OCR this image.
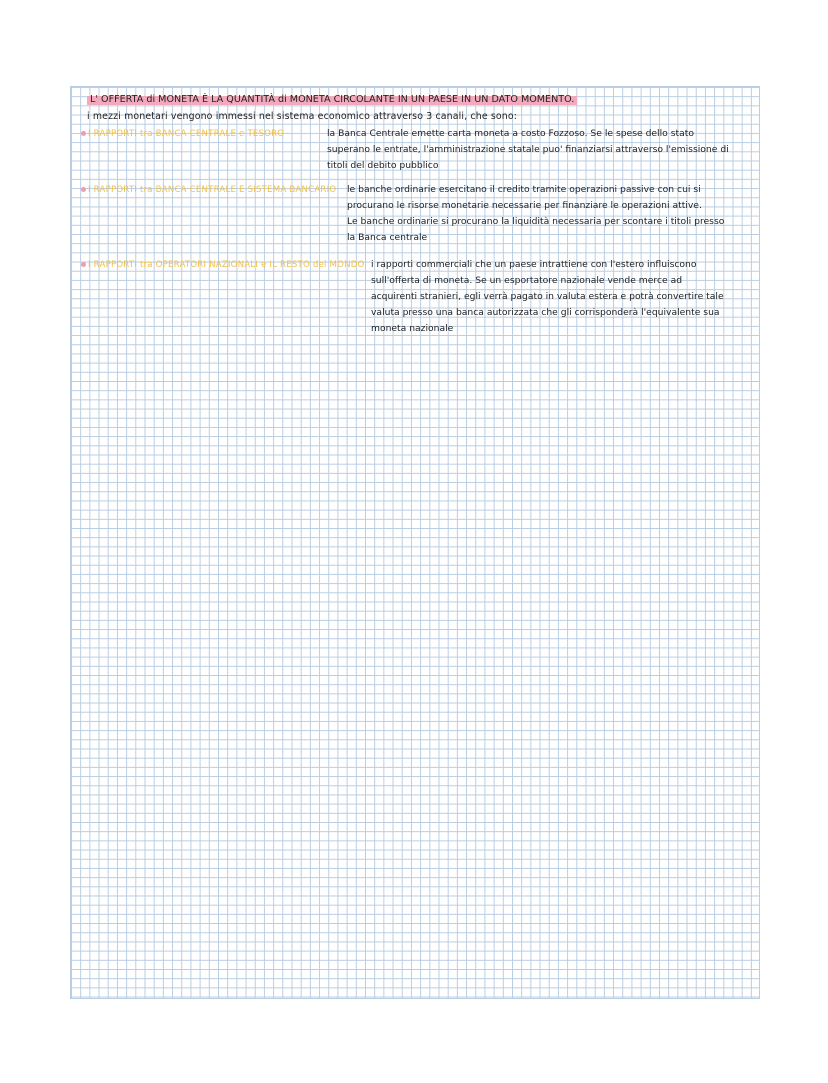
L' OFFERTA di MONETA È LA QUANTITÀ di MONETA CIRCOLANTE IN UN PAESE IN UN DATO MOMENTO.
i mezzi monetari vengono immessi nel sistema economico attraverso 3 canali, che sono:
I RAPPORTI tra BANCA CENTRALE e TESORO	la Banca Centrale emette carta moneta a costo Fozzoso. Se le spese dello stato
superano le entrate, l'amministrazione statale puo' finanziarsi attraverso l'emissione di
titoli del debito pubblico
I RAPPORTI tra BANCA CENTRALE E SISTEMA BANCARIO le banche ordinarie esercitano il credito tramite operazioni passive con cui si
procurano le risorse monetarie necessarie per finanziare le operazioni attive.
Le banche ordinarie si procurano la liquidità necessaria per scontare i titoli presso
la Banca centrale
I RAPPORTI tra OPERATORI NAZIONALI e IL RESTO del MONDO i rapporti commerciali che un paese intrattiene con l'estero influiscono
sull'offerta di moneta. Se un esportatore nazionale vende merce ad
acquirenti stranieri, egli verrà pagato in valuta estera e potrà convertire tale
valuta presso una banca autorizzata che gli corrisponderà l'equivalente sua
moneta nazionale
